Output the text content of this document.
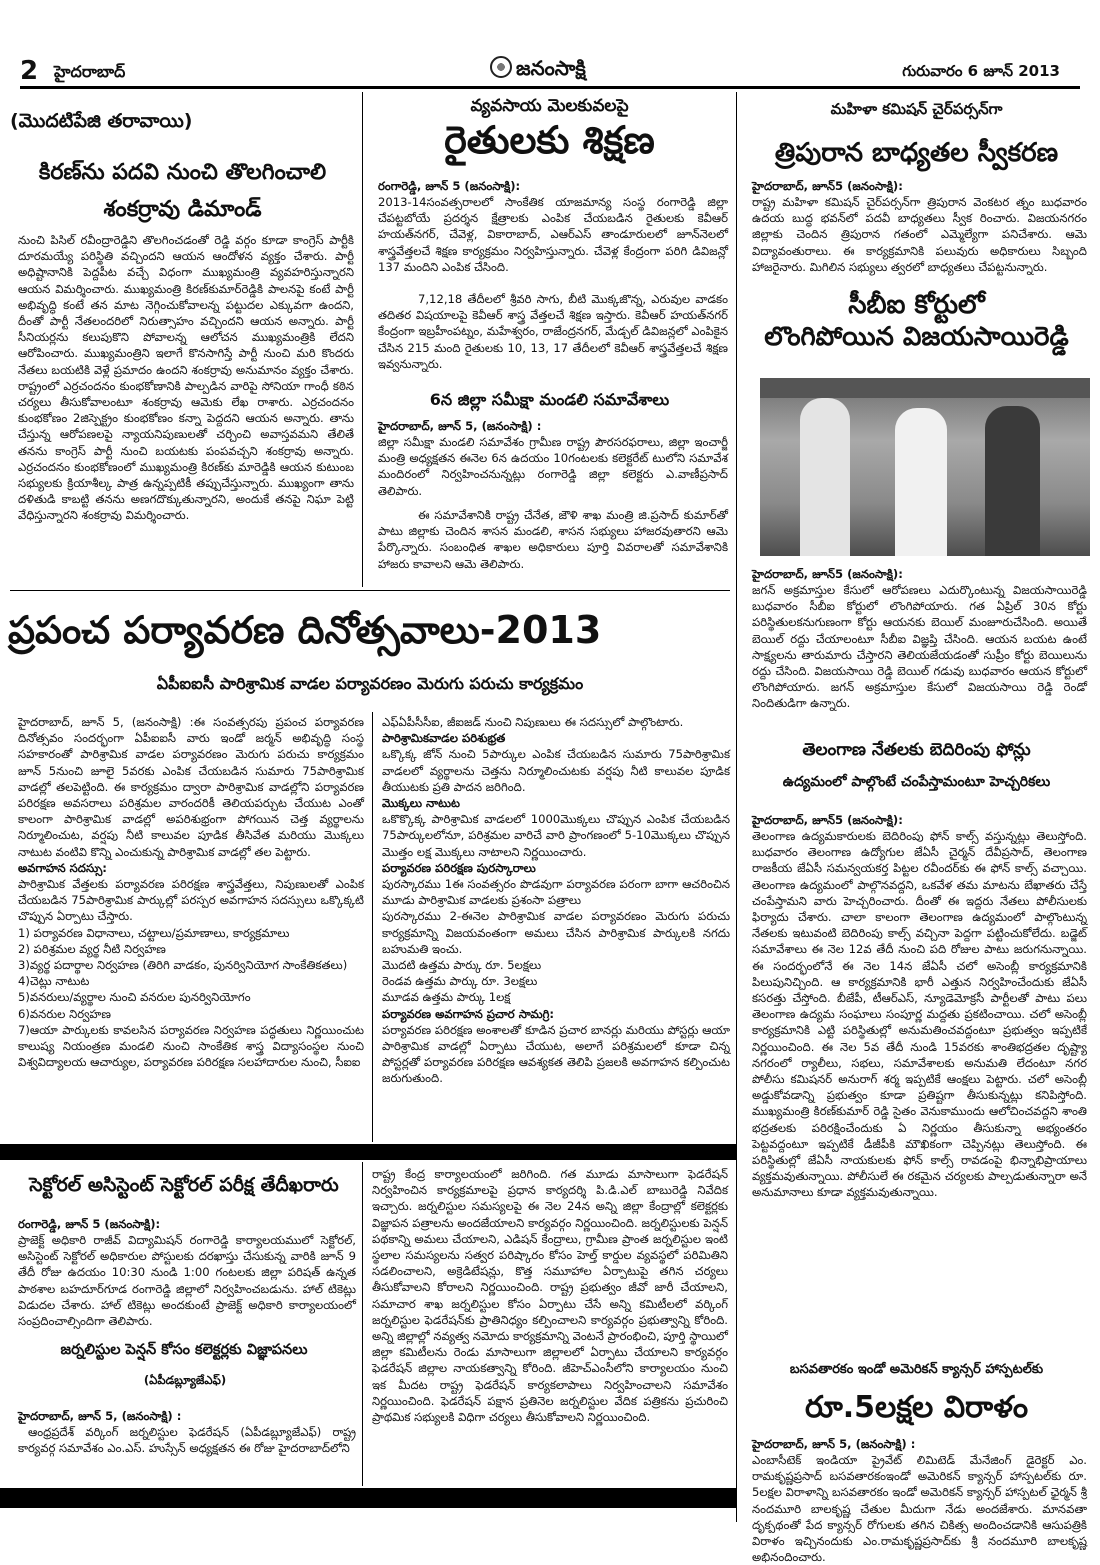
2 హైదరాబాద్	జనంసాక్షి	గురువారం 6 జూన్ 2013
(మొదటిపేజి తరావాయి)
కిరణ్‌ను పదవి నుంచి తొలగించాలి
శంకర్రావు డిమాండ్
నుంచి పిసిల్ రవీంద్రారెడ్డిని తొలగించడంతో రెడ్డి వర్గం కూడా కాంగ్రెస్ పార్టీకి దూరమయ్యే పరిస్థితి వచ్చిందని ఆయన ఆందోళన వ్యక్తం చేశారు. పార్టీ అధిష్టానానికి పెద్దపీట వచ్చే విధంగా ముఖ్యమంత్రి వ్యవహరిస్తున్నారని ఆయన విమర్శించారు. ముఖ్యమంత్రి కిరణ్‌కుమార్‌రెడ్డికి పాలనపై కంటే పార్టీ అభివృద్ధి కంటే తన మాట నెగ్గించుకోవాలన్న పట్టుదల ఎక్కువగా ఉందని, దీంతో పార్టీ నేతలందరిలో నిరుత్సాహం వచ్చిందని ఆయన అన్నారు. పార్టీ సీనియర్లను కలుపుకొని పోవాలన్న ఆలోచన ముఖ్యమంత్రికి లేదని ఆరోపించారు. ముఖ్యమంత్రిని ఇలాగే కొనసాగిస్తే పార్టీ నుంచి మరి కొందరు నేతలు బయటికి వెళ్లే ప్రమాదం ఉందని శంకర్రావు అనుమానం వ్యక్తం చేశారు. రాష్ట్రంలో ఎర్రచందనం కుంభకోణానికి పాల్పడిన వారిపై సోనియా గాంధీ కఠిన చర్యలు తీసుకోవాలంటూ శంకర్రావు ఆమెకు లేఖ రాశారు. ఎర్రచందనం కుంభకోణం 2జిస్పెక్ట్రం కుంభకోణం కన్నా పెద్దదని ఆయన అన్నారు. తాను చేస్తున్న ఆరోపణలపై న్యాయనిపుణులతో చర్చించి అవాస్తవమని తేలితే తనను కాంగ్రెస్ పార్టీ నుంచి బయటకు పంపవచ్చని శంకర్రావు అన్నారు. ఎర్రచందనం కుంభకోణంలో ముఖ్యమంత్రి కిరణ్‌కు మారెడ్డికి ఆయన కుటుంబ సభ్యులకు క్రియాశీల్క పాత్ర ఉన్నప్పటికీ తప్పుచేస్తున్నారు. ముఖ్యంగా తాను దళితుడి కాబట్టి తనను అణగదొక్కుతున్నారని, అందుకే తనపై నిఘా పెట్టి వేధిస్తున్నారని శంకర్రావు విమర్శించారు.
వ్యవసాయ మెలకువలపై
రైతులకు శిక్షణ
రంగారెడ్డి, జూన్ 5 (జనంసాక్షి):
2013-14సంవత్సరాలలో సాంకేతిక యాజమాన్య సంస్థ రంగారెడ్డి జిల్లా చేపట్టబోయే ప్రదర్శన క్షేత్రాలకు ఎంపిక చేయబడిన రైతులకు కెవీఆర్ హయత్‌నగర్, చేవెళ్ల, వికారాబాద్, ఎఆర్‌ఎస్ తాండూరులలో జూన్‌నెలలో శాస్త్రవేత్తలచే శిక్షణ కార్యక్రమం నిర్వహిస్తున్నారు. చేవెళ్ల కేంద్రంగా పరిగి డివిజన్లో 137 మందిని ఎంపిక చేసింది.
7,12,18 తేదీలలో శ్రీవరి సాగు, బీటి మొక్కజొన్న, ఎరువుల వాడకం తదితర విషయాలపై కెవీఆర్ శాస్త్ర వేత్తలచే శిక్షణ ఇస్తారు. కెవీఆర్ హయత్‌నగర్ కేంద్రంగా ఇబ్రహీంపట్నం, మహేశ్వరం, రాజేంద్రనగర్, మేడ్చల్ డివిజన్లలో ఎంపికైన చేసిన 215 మంది రైతులకు 10, 13, 17 తేదీలలో కెవీఆర్ శాస్త్రవేత్తలచే శిక్షణ ఇవ్వనున్నారు.
6న జిల్లా సమీక్షా మండలి సమావేశాలు
హైదరాబాద్, జూన్ 5, (జనంసాక్షి) :
జిల్లా సమీక్షా మండలి సమావేశం గ్రామీణ రాష్ట్ర పౌరసరఫరాలు, జిల్లా ఇంచార్జీ మంత్రి అధ్యక్షతన ఈనెల 6న ఉదయం 10గంటలకు కలెక్టరేట్ టులోని సమావేశ మందిరంలో నిర్వహించనున్నట్లు రంగారెడ్డి జిల్లా కలెక్టరు ఎ.వాణీప్రసాద్ తెలిపారు.
ఈ సమావేశానికి రాష్ట్ర చేనేత, జౌళి శాఖ మంత్రి జి.ప్రసాద్ కుమార్‌తో పాటు జిల్లాకు చెందిన శాసన మండలి, శాసన సభ్యులు హాజరవుతారని ఆమె పేర్కొన్నారు. సంబంధిత శాఖల అధికారులు పూర్తి వివరాలతో సమావేశానికి హాజరు కావాలని ఆమె తెలిపారు.
మహిళా కమిషన్ చైర్‌పర్సన్‌గా
త్రిపురాన బాధ్యతల స్వీకరణ
హైదరాబాద్, జూన్5 (జనంసాక్షి):
రాష్ట్ర మహిళా కమిషన్ చైర్‌పర్సన్‌గా త్రిపురాన వెంకటర త్నం బుధవారం ఉదయ బుద్ధ భవన్‌లో పదవీ బాధ్యతలు స్వీక రించారు. విజయనగరం జిల్లాకు చెందిన త్రిపురాన గతంలో ఎమ్మెల్యేగా పనిచేశారు. ఆమె విద్యావంతురాలు. ఈ కార్యక్రమానికి పలువురు అధికారులు సిబ్బంది హాజరైనారు. మిగిలిన సభ్యులు త్వరలో బాధ్యతలు చేపట్టనున్నారు.
సీబీఐ కోర్టులో
లొంగిపోయిన విజయసాయిరెడ్డి
హైదరాబాద్, జూన్5 (జనంసాక్షి):
జగన్ అక్రమాస్తుల కేసులో ఆరోపణలు ఎదుర్కొంటున్న విజయసాయిరెడ్డి బుధవారం సీబీఐ కోర్టులో లొంగిపోయారు. గత ఏప్రిల్ 30న కోర్టు పరిస్థితులకనుగుణంగా కోర్టు ఆయనకు బెయిల్ మంజూరుచేసింది. అయితే బెయిల్ రద్దు చేయాలంటూ సీబీఐ విజ్ఞప్తి చేసింది. ఆయన బయట ఉంటే సాక్ష్యలను తారుమారు చేస్తారని తెలియజేయడంతో సుప్రీం కోర్టు బెయిలును రద్దు చేసింది. విజయసాయి రెడ్డి బెయిల్ గడువు బుధవారం ఆయన కోర్టులో లొంగిపోయారు. జగన్ అక్రమాస్తుల కేసులో విజయసాయి రెడ్డి రెండో నిందితుడిగా ఉన్నారు.
తెలంగాణ నేతలకు బెదిరింపు ఫోన్లు
ఉద్యమంలో పాల్గొంటే చంపేస్తామంటూ హెచ్చరికలు
హైదరాబాద్, జూన్5 (జనంసాక్షి):
తెలంగాణ ఉద్యమకారులకు బెదిరింపు ఫోన్ కాల్స్ వస్తున్నట్లు తెలుస్తోంది. బుధవారం తెలంగాణ ఉద్యోగుల జేఏసీ చైర్మన్ దేవీప్రసాద్, తెలంగాణ రాజకీయ జేఏసీ సమన్వయకర్త పిట్టల రవీందర్‌కు ఈ ఫోన్ కాల్స్ వచ్చాయి. తెలంగాణ ఉద్యమంలో పాల్గొనవద్దని, ఒకవేళ తమ మాటను బేఖాతరు చేస్తే చంపేస్తామని వారు హెచ్చరించారు. దీంతో ఈ ఇద్దరు నేతలు పోలీసులకు ఫిర్యాదు చేశారు. చాలా కాలంగా తెలంగాణ ఉద్యమంలో పాల్గొంటున్న నేతలకు ఇటువంటి బెదిరింపు కాల్స్ వచ్చినా పెద్దగా పట్టించుకోలేదు. బడ్జెట్ సమావేశాలు ఈ నెల 12వ తేదీ నుంచి పది రోజుల పాటు జరుగనున్నాయి. ఈ సందర్భంలోనే ఈ నెల 14న జేఏసీ చలో అసెంబ్లీ కార్యక్రమానికి పిలుపునిచ్చింది. ఆ కార్యక్రమానికి భారీ ఎత్తున నిర్వహించేందుకు జేఏసీ కసరత్తు చేస్తోంది. బీజేపీ, టీఆర్‌ఎస్, న్యూడెమోక్రసీ పార్టీలతో పాటు పలు తెలంగాణ ఉద్యమ సంఘాలు సంపూర్ణ మద్దతు ప్రకటించాయి. చలో అసెంబ్లీ కార్యక్రమానికి ఎట్టి పరిస్థితుల్లో అనుమతించవద్దంటూ ప్రభుత్వం ఇప్పటికే నిర్ణయించింది. ఈ నెల 5వ తేదీ నుండి 15వరకు శాంతిభద్రతల దృష్ట్యా నగరంలో ర్యాలీలు, సభలు, సమావేశాలకు అనుమతి లేదంటూ నగర పోలీసు కమిషనర్ అనురాగ్ శర్మ ఇప్పటికే ఆంక్షలు పెట్టారు. చలో అసెంబ్లీ అడ్డుకోవడాన్ని ప్రభుత్వం కూడా ప్రతిష్టగా తీసుకున్నట్లు కనిపిస్తోంది. ముఖ్యమంత్రి కిరణ్‌కుమార్ రెడ్డి సైతం వెనుకాముందు ఆలోచించవద్దని శాంతి భద్రతలకు పరిరక్షించేందుకు ఏ నిర్ణయం తీసుకున్నా అభ్యంతరం పెట్టవద్దంటూ ఇప్పటికే డీజీపీకి మౌఖికంగా చెప్పినట్లు తెలుస్తోంది. ఈ పరిస్థితుల్లో జేఏసీ నాయకులకు ఫోన్ కాల్స్ రావడంపై భిన్నాభిప్రాయాలు వ్యక్తమవుతున్నాయి. పోలీసులే ఈ రకమైన చర్యలకు పాల్పడుతున్నారా అనే అనుమానాలు కూడా వ్యక్తమవుతున్నాయి.
బసవతారకం ఇండో అమెరికన్ క్యాన్సర్ హాస్పటల్‌కు
రూ.5లక్షల విరాళం
హైదరాబాద్, జూన్ 5, (జనంసాక్షి) :
ఎంబాసీటెక్ ఇండియా ప్రైవేట్ లిమిటెడ్ మేనేజింగ్ డైరెక్టర్ ఎం. రామకృష్ణప్రసాద్ బసవతారకంఇండో అమెరికన్ క్యాన్సర్ హాస్పటల్‌కు రూ. 5లక్షల విరాళాన్ని బసవతారకం ఇండో అమెరికన్ క్యాన్సర్ హాస్పటల్ ఛైర్మన్ శ్రీ నందమూరి బాలకృష్ణ చేతుల మీదుగా నేడు అందజేశారు. మానవతా దృక్పథంతో పేద క్యాన్సర్ రోగులకు తగిన చికిత్స అందించడానికి ఆసుపత్రికి విరాళం ఇచ్చినందుకు ఎం.రామకృష్ణప్రసాద్‌కు శ్రీ నందమూరి బాలకృష్ణ అభినందించారు.
ప్రపంచ పర్యావరణ దినోత్సవాలు-2013
ఏపీఐఐసీ పారిశ్రామిక వాడల పర్యావరణం మెరుగు పరుచు కార్యక్రమం
హైదరాబాద్, జూన్ 5, (జనంసాక్షి) :ఈ సంవత్సరపు ప్రపంచ పర్యావరణ దినోత్సవం సందర్భంగా ఏపీఐఐసీ వారు ఇండో జర్మన్ అభివృద్ధి సంస్థ సహకారంతో పారిశ్రామిక వాడల పర్యావరణం మెరుగు పరుచు కార్యక్రమం జూన్ 5నుంచి జూలై 5వరకు ఎంపిక చేయబడిన సుమారు 75పారిశ్రామిక వాడల్లో తలపెట్టింది. ఈ కార్యక్రమం ద్వారా పారిశ్రామిక వాడల్లోని పర్యావరణ పరిరక్షణ అవసరాలు పరిశ్రమల వారందరికీ తెలియపర్చుట చేయుట ఎంతో కాలంగా పారిశ్రామిక వాడల్లో అపరిశుభ్రంగా పోగయిన చెత్త వ్యర్థాలను నిర్మూలించుట, వర్షపు నీటి కాలువల పూడిక తీసివేత మరియు మొక్కలు నాటుట వంటివి కొన్ని ఎంచుకున్న పారిశ్రామిక వాడల్లో తల పెట్టారు.
అవగాహన సదస్సు:
పారిశ్రామిక వేత్తలకు పర్యావరణ పరిరక్షణ శాస్త్రవేత్తలు, నిపుణులతో ఎంపిక చేయబడిన 75పారిశ్రామిక పార్కుల్లో పరస్పర అవగాహన సదస్సులు ఒక్కొక్కటి చొప్పున ఏర్పాటు చేస్తారు.
1) పర్యావరణ విధానాలు, చట్టాలు/ప్రమాణాలు, కార్యక్రమాలు
2) పరిశ్రమల వ్యర్థ నీటి నిర్వహణ
3)వ్యర్థ పదార్థాల నిర్వహణ (తిరిగి వాడకం, పునర్వినియోగ సాంకేతికతలు)
4)చెట్లు నాటుట
5)వనరులు/వ్యర్థాల నుంచి వనరుల పునర్వినియోగం
6)వనరుల నిర్వహణ
7)ఆయా పార్కులకు కావలసిన పర్యావరణ నిర్వహణ పద్ధతులు నిర్ణయించుట కాలుష్య నియంత్రణ మండలి నుంచి సాంకేతిక శాస్త్ర విద్యాసంస్థల నుంచి విశ్వవిద్యాలయ ఆచార్యుల, పర్యావరణ పరిరక్షణ సలహాదారుల నుంచి, సీఐఐ
ఎఫ్‌ఏపీసీసీఐ, జీఐజడ్ నుంచి నిపుణులు ఈ సదస్సులో పాల్గొంటారు.
పారిశ్రామికవాడల పరిశుభ్రత
ఒక్కొక్క జోన్ నుంచి 5పార్కుల ఎంపిక చేయబడిన సుమారు 75పారిశ్రామిక వాడలలో వ్యర్థాలను చెత్తను నిర్మూలించుటకు వర్షపు నీటి కాలువల పూడిక తీయుటకు ప్రతి పాదన జరిగింది.
మొక్కలు నాటుట
ఒకొక్కొక్క పారిశ్రామిక వాడలలో 1000మొక్కలు చొప్పున ఎంపిక చేయబడిన 75పార్కులలోనూ, పరిశ్రమల వారిచే వారి ప్రాంగణంలో 5-10మొక్కలు చొప్పున మొత్తం లక్ష మొక్కలు నాటాలని నిర్ణయించారు.
పర్యావరణ పరిరక్షణ పురస్కారాలు
పురస్కారము 1ఈ సంవత్సరం పొడవుగా పర్యావరణ పరంగా బాగా ఆచరించిన మూడు పారిశ్రామిక వాడలకు ప్రశంసా పత్రాలు
పురస్కారము 2-ఈనెల పారిశ్రామిక వాడల పర్యావరణం మెరుగు పరుచు కార్యక్రమాన్ని విజయవంతంగా అమలు చేసిన పారిశ్రామిక పార్కులకి నగదు బహుమతి ఇంచు.
మొదటి ఉత్తమ పార్కు రూ. 5లక్షలు
రెండవ ఉత్తమ పార్కు రూ. 3లక్షలు
మూడవ ఉత్తమ పార్కు 1లక్ష
పర్యావరణ అవగాహన ప్రచార సామగ్రి:
పర్యావరణ పరిరక్షణ అంశాలతో కూడిన ప్రచార బానర్లు మరియు పోస్టర్లు ఆయా పారిశ్రామిక వాడల్లో ఏర్పాటు చేయుట, అలాగే పరిశ్రమలలో కూడా చిన్న పోస్టర్లతో పర్యావరణ పరిరక్షణ ఆవశ్యకత తెలిపి ప్రజలకి అవగాహన కల్పించుట జరుగుతుంది.
సెక్టోరల్ అసిస్టెంట్ సెక్టోరల్ పరీక్ష తేదీఖరారు
రంగారెడ్డి, జూన్ 5 (జనంసాక్షి):
ప్రాజెక్ట్ అధికారి రాజీవ్ విద్యామిషన్ రంగారెడ్డి కార్యాలయములో సెక్టోరల్, అసిస్టెంట్ సెక్టోరల్ అధికారుల పోస్టులకు దరఖాస్తు చేసుకున్న వారికి జూన్ 9 తేదీ రోజు ఉదయం 10:30 నుండి 1:00 గంటలకు జిల్లా పరిషత్ ఉన్నత పాఠశాల బహదూర్‌గూడ రంగారెడ్డి జిల్లాలో నిర్వహించబడును. హాల్ టికెట్లు విడుదల చేశారు. హాల్ టికెట్లు అందకుంటే ప్రాజెక్ట్ అధికారి కార్యాలయంలో సంప్రదించాల్సిందిగా తెలిపారు.
జర్నలిస్టుల పెన్షన్ కోసం కలెక్టర్లకు విజ్ఞాపనలు
(ఏపీడబ్ల్యూజేఎఫ్)
హైదరాబాద్, జూన్ 5, (జనంసాక్షి) :
ఆంధ్రప్రదేశ్ వర్కింగ్ జర్నలిస్టుల ఫెడరేషన్ (ఏపీడబ్ల్యూజేఎఫ్) రాష్ట్ర కార్యవర్గ సమావేశం ఎం.ఎస్. హుస్సేన్ అధ్యక్షతన ఈ రోజు హైదరాబాద్‌లోని
రాష్ట్ర కేంద్ర కార్యాలయంలో జరిగింది. గత మూడు మాసాలుగా ఫెడరేషన్ నిర్వహించిన కార్యక్రమాలపై ప్రధాన కార్యదర్శి పి.డి.ఎల్ బాబురెడ్డి నివేదిక ఇచ్చారు. జర్నలిస్టుల సమస్యలపై ఈ నెల 24న అన్ని జిల్లా కేంద్రాల్లో కలెక్టర్లకు విజ్ఞాపన పత్రాలను అందజేయాలని కార్యవర్గం నిర్ణయించింది. జర్నలిస్టులకు పెన్షన్ పథకాన్ని అమలు చేయాలని, ఎడిషన్ కేంద్రాలు, గ్రామీణ ప్రాంత జర్నలిస్టుల ఇంటి స్థలాల సమస్యలను సత్వర పరిష్కారం కోసం హెల్త్ కార్డుల వ్యవస్థలో పరిమితిని సడలించాలని, అక్రెడిటేషన్లు, కొత్త సమూహాల ఏర్పాటుపై తగిన చర్యలు తీసుకోవాలని కోరాలని నిర్ణయించింది. రాష్ట్ర ప్రభుత్వం జీవో జారీ చేయాలని, సమాచార శాఖ జర్నలిస్టుల కోసం ఏర్పాటు చేసే అన్ని కమిటీలలో వర్కింగ్ జర్నలిస్టుల ఫెడరేషన్‌కు ప్రాతినిధ్యం కల్పించాలని కార్యవర్గం ప్రభుత్వాన్ని కోరింది. అన్ని జిల్లాల్లో నవ్యత్వ నమోదు కార్యక్రమాన్ని వెంటనే ప్రారంభించి, పూర్తి స్థాయిలో జిల్లా కమిటీలను రెండు మాసాలుగా జిల్లాలలో ఏర్పాటు చేయాలని కార్యవర్గం ఫెడరేషన్ జిల్లాల నాయకత్వాన్ని కోరింది. జీహెచ్‌ఎంసీలోని కార్యాలయం నుంచి ఇక మీదట రాష్ట్ర ఫెడరేషన్ కార్యకలాపాలు నిర్వహించాలని సమావేశం నిర్ణయించింది. ఫెడరేషన్ పక్షాన ప్రతినెల జర్నలిస్టుల వేదిక పత్రికను ప్రచురించి ప్రాథమిక సభ్యులకి విధిగా చర్యలు తీసుకోవాలని నిర్ణయించింది.
